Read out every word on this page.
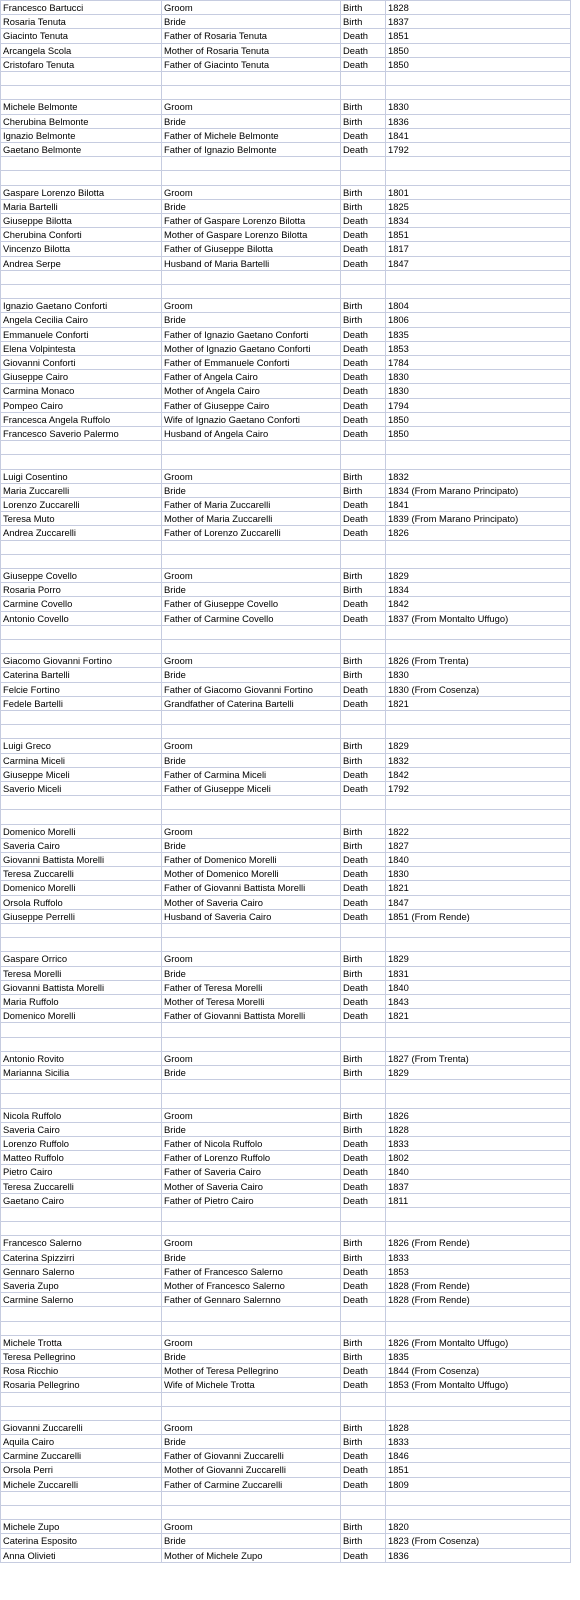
Francesco Bartucci	Groom	Birth	1828
Rosaria Tenuta	Bride	Birth	1837
Giacinto Tenuta	Father of Rosaria Tenuta	Death	1851
Arcangela Scola	Mother of Rosaria Tenuta	Death	1850
Cristofaro Tenuta	Father of Giacinto Tenuta	Death	1850

Michele Belmonte	Groom	Birth	1830
Cherubina Belmonte	Bride	Birth	1836
Ignazio Belmonte	Father of Michele Belmonte	Death	1841
Gaetano Belmonte	Father of Ignazio Belmonte	Death	1792

Gaspare Lorenzo Bilotta	Groom	Birth	1801
Maria Bartelli	Bride	Birth	1825
Giuseppe Bilotta	Father of Gaspare Lorenzo Bilotta	Death	1834
Cherubina Conforti	Mother of Gaspare Lorenzo Bilotta	Death	1851
Vincenzo Bilotta	Father of Giuseppe Bilotta	Death	1817
Andrea Serpe	Husband of Maria Bartelli	Death	1847

Ignazio Gaetano Conforti	Groom	Birth	1804
Angela Cecilia Cairo	Bride	Birth	1806
Emmanuele Conforti	Father of Ignazio Gaetano Conforti	Death	1835
Elena Volpintesta	Mother of Ignazio Gaetano Conforti	Death	1853
Giovanni Conforti	Father of Emmanuele Conforti	Death	1784
Giuseppe Cairo	Father of Angela Cairo	Death	1830
Carmina Monaco	Mother of Angela Cairo	Death	1830
Pompeo Cairo	Father of Giuseppe Cairo	Death	1794
Francesca Angela Ruffolo	Wife of Ignazio Gaetano Conforti	Death	1850
Francesco Saverio Palermo	Husband of Angela Cairo	Death	1850

Luigi Cosentino	Groom	Birth	1832
Maria Zuccarelli	Bride	Birth	1834 (From Marano Principato)
Lorenzo Zuccarelli	Father of Maria Zuccarelli	Death	1841
Teresa Muto	Mother of Maria Zuccarelli	Death	1839 (From Marano Principato)
Andrea Zuccarelli	Father of Lorenzo Zuccarelli	Death	1826

Giuseppe Covello	Groom	Birth	1829
Rosaria Porro	Bride	Birth	1834
Carmine Covello	Father of Giuseppe Covello	Death	1842
Antonio Covello	Father of Carmine Covello	Death	1837 (From Montalto Uffugo)

Giacomo Giovanni Fortino	Groom	Birth	1826 (From Trenta)
Caterina Bartelli	Bride	Birth	1830
Felcie Fortino	Father of Giacomo Giovanni Fortino	Death	1830 (From Cosenza)
Fedele Bartelli	Grandfather of Caterina Bartelli	Death	1821

Luigi Greco	Groom	Birth	1829
Carmina Miceli	Bride	Birth	1832
Giuseppe Miceli	Father of Carmina Miceli	Death	1842
Saverio Miceli	Father of Giuseppe Miceli	Death	1792

Domenico Morelli	Groom	Birth	1822
Saveria Cairo	Bride	Birth	1827
Giovanni Battista Morelli	Father of Domenico Morelli	Death	1840
Teresa Zuccarelli	Mother of Domenico Morelli	Death	1830
Domenico Morelli	Father of Giovanni Battista Morelli	Death	1821
Orsola Ruffolo	Mother of Saveria Cairo	Death	1847
Giuseppe Perrelli	Husband of Saveria Cairo	Death	1851 (From Rende)

Gaspare Orrico	Groom	Birth	1829
Teresa Morelli	Bride	Birth	1831
Giovanni Battista Morelli	Father of Teresa Morelli	Death	1840
Maria Ruffolo	Mother of Teresa Morelli	Death	1843
Domenico Morelli	Father of Giovanni Battista Morelli	Death	1821

Antonio Rovito	Groom	Birth	1827 (From Trenta)
Marianna Sicilia	Bride	Birth	1829

Nicola Ruffolo	Groom	Birth	1826
Saveria Cairo	Bride	Birth	1828
Lorenzo Ruffolo	Father of Nicola Ruffolo	Death	1833
Matteo Ruffolo	Father of Lorenzo Ruffolo	Death	1802
Pietro Cairo	Father of Saveria Cairo	Death	1840
Teresa Zuccarelli	Mother of Saveria Cairo	Death	1837
Gaetano Cairo	Father of Pietro Cairo	Death	1811

Francesco Salerno	Groom	Birth	1826 (From Rende)
Caterina Spizzirri	Bride	Birth	1833
Gennaro Salerno	Father of Francesco Salerno	Death	1853
Saveria Zupo	Mother of Francesco Salerno	Death	1828 (From Rende)
Carmine Salerno	Father of Gennaro Salernno	Death	1828 (From Rende)

Michele Trotta	Groom	Birth	1826 (From Montalto Uffugo)
Teresa Pellegrino	Bride	Birth	1835
Rosa Ricchio	Mother of Teresa Pellegrino	Death	1844 (From Cosenza)
Rosaria Pellegrino	Wife of Michele Trotta	Death	1853 (From Montalto Uffugo)

Giovanni Zuccarelli	Groom	Birth	1828
Aquila Cairo	Bride	Birth	1833
Carmine Zuccarelli	Father of Giovanni Zuccarelli	Death	1846
Orsola Perri	Mother of Giovanni Zuccarelli	Death	1851
Michele Zuccarelli	Father of Carmine Zuccarelli	Death	1809

Michele Zupo	Groom	Birth	1820
Caterina Esposito	Bride	Birth	1823 (From Cosenza)
Anna Olivieti	Mother of Michele Zupo	Death	1836
